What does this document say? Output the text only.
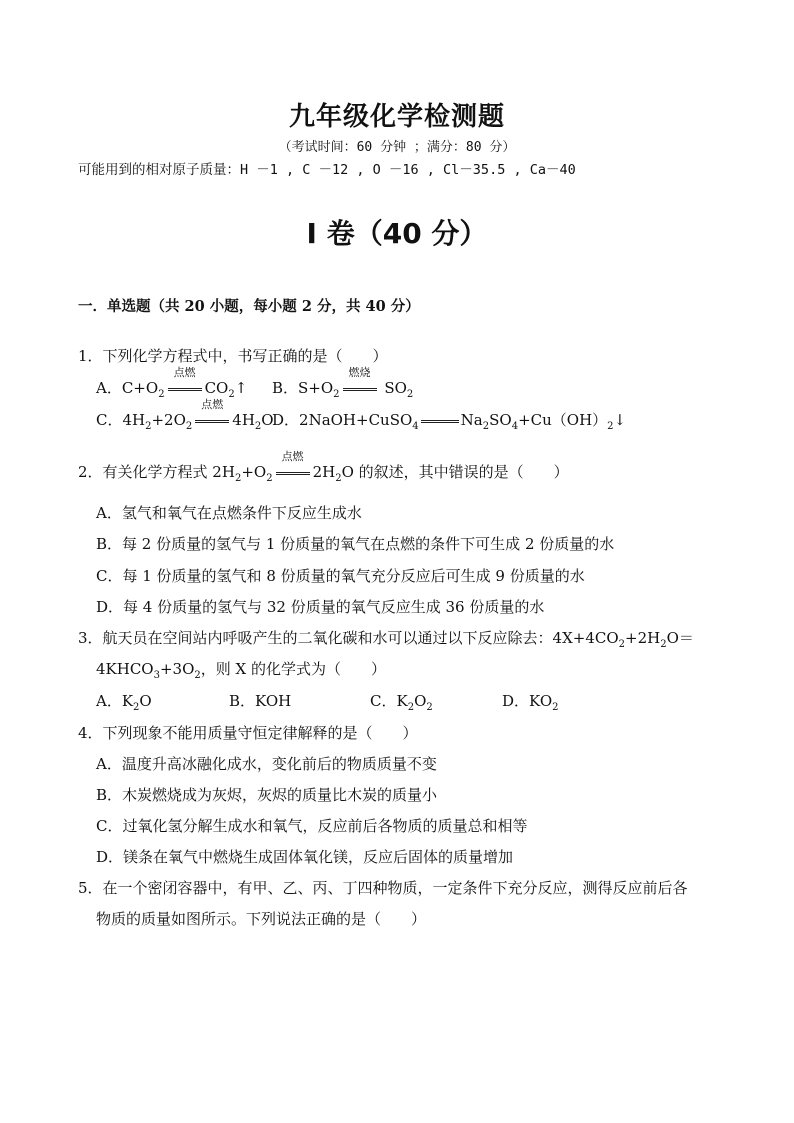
九年级化学检测题
（考试时间：60 分钟 ；满分：80 分）
可能用到的相对原子质量：H －1 , C －12 , O －16 , Cl－35.5 , Ca－40
I 卷（40 分）
一．单选题（共 20 小题，每小题 2 分，共 40 分）
1．下列化学方程式中，书写正确的是（　　）
A．$C+O_2$
点燃
$CO_2↑$ B．$S+O_2$
燃烧
$SO_2$
C．$4H_2+2O_2$
点燃
$4H_2O$
D．2NaOH+CuSO$_4$	$Na_2SO_4+Cu(OH)_2↓$
2．有关化学方程式 $2H_2+O_2$
点燃
$2H_2O$ 的叙述，其中错误的是（　　）
A．氢气和氧气在点燃条件下反应生成水
B．每 2 份质量的氢气与 1 份质量的氧气在点燃的条件下可生成 2 份质量的水
C．每 1 份质量的氢气和 8 份质量的氧气充分反应后可生成 9 份质量的水
D．每 4 份质量的氢气与 32 份质量的氧气反应生成 36 份质量的水
3．航天员在空间站内呼吸产生的二氧化碳和水可以通过以下反应除去：$4X+4CO_2+2H_2O=$
$4KHCO_3+3O_2$，则 X 的化学式为（　　）
A．$K_2O$	B．KOH	C．$K_2O_2$	D．$KO_2$
4．下列现象不能用质量守恒定律解释的是（　　）
A．温度升高冰融化成水，变化前后的物质质量不变
B．木炭燃烧成为灰烬，灰烬的质量比木炭的质量小
C．过氧化氢分解生成水和氧气，反应前后各物质的质量总和相等
D．镁条在氧气中燃烧生成固体氧化镁，反应后固体的质量增加
5．在一个密闭容器中，有甲、乙、丙、丁四种物质，一定条件下充分反应，测得反应前后各
物质的质量如图所示。下列说法正确的是（　　）
